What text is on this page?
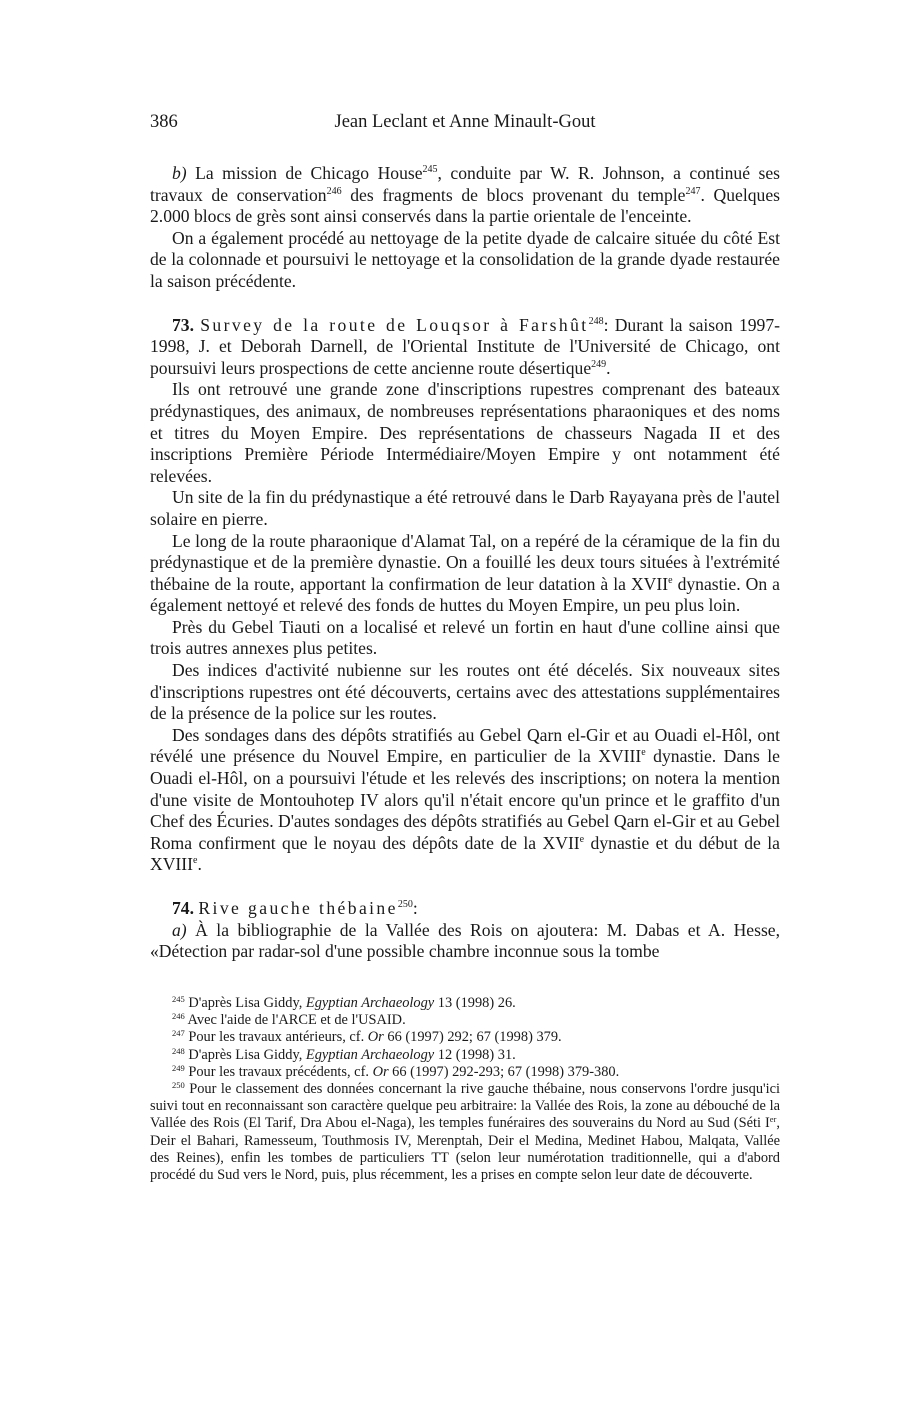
386	Jean Leclant et Anne Minault-Gout

b) La mission de Chicago House$^{245}$, conduite par W. R. Johnson, a continué ses travaux de conservation$^{246}$ des fragments de blocs provenant du temple$^{247}$. Quelques 2.000 blocs de grès sont ainsi conservés dans la partie orientale de l'enceinte.

On a également procédé au nettoyage de la petite dyade de calcaire située du côté Est de la colonnade et poursuivi le nettoyage et la consolidation de la grande dyade restaurée la saison précédente.

73. Survey de la route de Louqsor à Farshût$^{248}$: Durant la saison 1997-1998, J. et Deborah Darnell, de l'Oriental Institute de l'Université de Chicago, ont poursuivi leurs prospections de cette ancienne route désertique$^{249}$.

Ils ont retrouvé une grande zone d'inscriptions rupestres comprenant des bateaux prédynastiques, des animaux, de nombreuses représentations pharaoniques et des noms et titres du Moyen Empire. Des représentations de chasseurs Nagada II et des inscriptions Première Période Intermédiaire/Moyen Empire y ont notamment été relevées.

Un site de la fin du prédynastique a été retrouvé dans le Darb Rayayana près de l'autel solaire en pierre.

Le long de la route pharaonique d'Alamat Tal, on a repéré de la céramique de la fin du prédynastique et de la première dynastie. On a fouillé les deux tours situées à l'extrémité thébaine de la route, apportant la confirmation de leur datation à la XVIIe dynastie. On a également nettoyé et relevé des fonds de huttes du Moyen Empire, un peu plus loin.

Près du Gebel Tiauti on a localisé et relevé un fortin en haut d'une colline ainsi que trois autres annexes plus petites.

Des indices d'activité nubienne sur les routes ont été décelés. Six nouveaux sites d'inscriptions rupestres ont été découverts, certains avec des attestations supplémentaires de la présence de la police sur les routes.

Des sondages dans des dépôts stratifiés au Gebel Qarn el-Gir et au Ouadi el-Hôl, ont révélé une présence du Nouvel Empire, en particulier de la XVIIIe dynastie. Dans le Ouadi el-Hôl, on a poursuivi l'étude et les relevés des inscriptions; on notera la mention d'une visite de Montouhotep IV alors qu'il n'était encore qu'un prince et le graffito d'un Chef des Écuries. D'autes sondages des dépôts stratifiés au Gebel Qarn el-Gir et au Gebel Roma confirment que le noyau des dépôts date de la XVIIe dynastie et du début de la XVIIIe.

74. Rive gauche thébaine$^{250}$:

a) À la bibliographie de la Vallée des Rois on ajoutera: M. Dabas et A. Hesse, «Détection par radar-sol d'une possible chambre inconnue sous la tombe

$^{245}$ D'après Lisa Giddy, Egyptian Archaeology 13 (1998) 26.

$^{246}$ Avec l'aide de l'ARCE et de l'USAID.

$^{247}$ Pour les travaux antérieurs, cf. Or 66 (1997) 292; 67 (1998) 379.

$^{248}$ D'après Lisa Giddy, Egyptian Archaeology 12 (1998) 31.

$^{249}$ Pour les travaux précédents, cf. Or 66 (1997) 292-293; 67 (1998) 379-380.

$^{250}$ Pour le classement des données concernant la rive gauche thébaine, nous conservons l'ordre jusqu'ici suivi tout en reconnaissant son caractère quelque peu arbitraire: la Vallée des Rois, la zone au débouché de la Vallée des Rois (El Tarif, Dra Abou el-Naga), les temples funéraires des souverains du Nord au Sud (Séti Ier, Deir el Bahari, Ramesseum, Touthmosis IV, Merenptah, Deir el Medina, Medinet Habou, Malqata, Vallée des Reines), enfin les tombes de particuliers TT (selon leur numérotation traditionnelle, qui a d'abord procédé du Sud vers le Nord, puis, plus récemment, les a prises en compte selon leur date de découverte.
